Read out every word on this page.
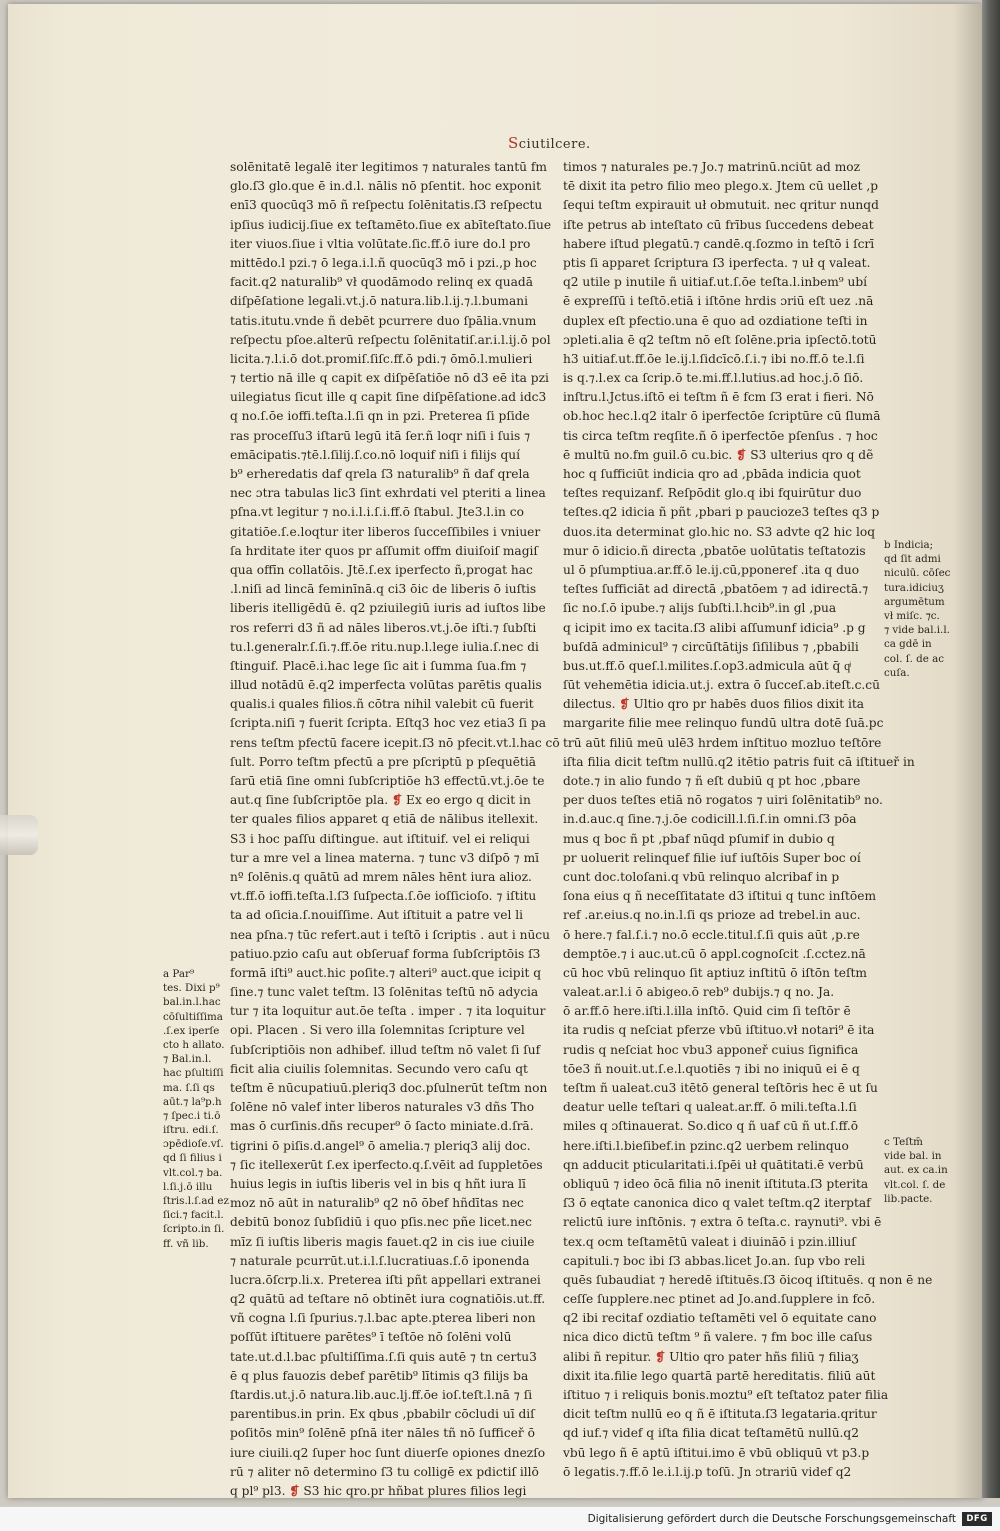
Sciutilcere.
solēnitatē legalē iter legitimos ⁊ naturales tantū fm
glo.ſ3 glo.que ē in.d.l. nālis nō pſentit. hoc exponit
enī3 quocūq3 mō ñ reſpectu ſolēnitatis.ſ3 reſpectu
ipſius iudicij.ſiue ex teſtamēto.ſiue ex abīteſtato.ſiue
iter viuos.ſiue i vltia volūtate.ſic.ff.ō iure do.l pro
mittēdo.l pzi.⁊ ō lega.i.l.ñ quocūq3 mō i pzi.,p hoc
facit.q2 naturalib⁹ vł quodāmodo relinq ex quadā
diſpēſatione legali.vt.j.ō natura.lib.l.ij.⁊.l.bumani
tatis.itutu.vnde ñ debēt pcurrere duo ſpālia.vnum
reſpectu pſoe.alterū reſpectu ſolēnitatiſ.ar.i.l.ij.ō pol
licita.⁊.l.i.ō dot.promiſ.ſiſc.ff.ō pdi.⁊ ōmō.l.mulieri
⁊ tertio nā ille q capit ex diſpēſatiōe nō d3 eē ita pzi
uilegiatus ſicut ille q capit ſine diſpēſatione.ad idc3
q no.ſ.ōe ioffi.teſta.l.ſi qn in pzi. Preterea ſi pſide
ras proceſſu3 iſtarū legū itā ſer.ñ loqr niſi i ſuis ⁊
emācipatis.⁊tē.l.ſilij.ſ.co.nō loquif niſi i filijs quí
b⁹ erheredatis daf qrela ſ3 naturalib⁹ ñ daf qrela
nec ɔtra tabulas lic3 ſint exhrdati vel pteriti a linea
pſna.vt legitur ⁊ no.i.l.i.ſ.i.ff.ō ſtabul. Jte3.l.in co
gitatiōe.ſ.e.loqtur iter liberos ſucceſſibiles i vniuer
ſa hrditate iter quos pr aſſumit offm diuiſoiſ magiſ
qua offīn collatōis. Jtē.ſ.ex iperfecto ñ,progat hac
.l.niſi ad lincā feminīnā.q ci3 ōic de liberis ō iuſtis
liberis itelligēdū ē. q2 pziuilegiū iuris ad iuſtos libe
ros referri d3 ñ ad nāles liberos.vt.j.ōe iſti.⁊ ſubſti
tu.l.generalr.ſ.ſi.⁊.ff.ōe ritu.nup.l.lege iulia.ſ.nec di
ſtinguif. Placē.i.hac lege ſic ait i ſumma ſua.fm ⁊
illud notādū ē.q2 imperfecta volūtas parētis qualis
qualis.i quales filios.ñ cōtra nihil valebit cū fuerit
ſcripta.niſi ⁊ fuerit ſcripta. Eſtq3 hoc vez etia3 ſi pa
rens teſtm pfectū facere icepit.ſ3 nō pfecit.vt.l.hac cō
ſult. Porro teſtm pfectū a pre pſcriptū p pſequētiā
ſarū etiā ſine omni ſubſcriptiōe h3 effectū.vt.j.ōe te
aut.q ſine ſubſcriptōe pla. ❡ Ex eo ergo q dicit in
ter quales filios apparet q etiā de nālibus itellexit.
S3 i hoc paſſu diſtingue. aut iſtituif. vel ei reliqui
tur a mre vel a linea materna. ⁊ tunc v3 diſpō ⁊ mī
nº ſolēnis.q quātū ad mrem nāles hēnt iura alioz.
vt.ff.ō ioffi.teſta.l.ſ3 ſuſpecta.ſ.ōe ioſſicioſo. ⁊ iſtitu
ta ad oſicia.ſ.nouiſſime. Aut iſtituit a patre vel li
nea pſna.⁊ tūc refert.aut i teſtō i ſcriptis . aut i nūcu
patiuo.pzio caſu aut obſeruaf forma ſubſcriptōis ſ3
formā iſti⁹ auct.hic poſite.⁊ alteri⁹ auct.que icipit q
ſine.⁊ tunc valet teſtm. l3 ſolēnitas teſtū nō adycia
tur ⁊ ita loquitur aut.ōe teſta . imper . ⁊ ita loquitur
opi. Placen . Si vero illa ſolemnitas ſcripture vel
ſubſcriptiōis non adhibef. illud teſtm nō valet ſi ſuf
ficit alia ciuilis ſolemnitas. Secundo vero caſu qt
teſtm ē nūcupatiuū.pleriq3 doc.pſulnerūt teſtm non
ſolēne nō valef inter liberos naturales v3 dñs Tho
mas ō curſinis.dñs recuper⁹ ō ſacto miniate.d.ſrā.
tigrini ō piſis.d.angel⁹ ō amelia.⁊ pleriq3 alij doc.
⁊ ſic itellexerūt ſ.ex iperfecto.q.ſ.vēit ad ſuppletōes
huius legis in iuſtis liberis vel in bis q hñt iura lī
moz nō aūt in naturalib⁹ q2 nō ōbef hñdītas nec
debitū bonoz ſubſidiū i quo pſis.nec pñe licet.nec
mīz ſi iuſtis liberis magis fauet.q2 in cis iue ciuile
⁊ naturale pcurrūt.ut.i.l.ſ.lucratiuas.ſ.ō iponenda
lucra.ōſcrp.li.x. Preterea iſti pñt appellari extranei
q2 quātū ad teſtare nō obtinēt iura cognatiōis.ut.ff.
vñ cogna l.ſi ſpurius.⁊.l.bac apte.pterea liberi non
poſſūt iſtituere parētes⁹ ī teſtōe nō ſolēni volū
tate.ut.d.l.bac pſultiſſima.ſ.ſi quis autē ⁊ tn certu3
ē q plus fauozis debef parētib⁹ lītimis q3 filijs ba
ſtardis.ut.j.ō natura.lib.auc.lj.ff.ōe ioſ.teſt.l.nā ⁊ ſi
parentibus.in prin. Ex qbus ,pbabilr cōcludi uī diſ
poſitōs min⁹ ſolēnē pſnā iter nāles tñ nō ſufficeř ō
iure ciuili.q2 ſuper hoc ſunt diuerſe opiones dnezſo
rū ⁊ aliter nō determino ſ3 tu colligē ex pdictiſ illō
q pl⁹ pl3. ❡ S3 hic qro.pr hñbat plures filios legi
timos ⁊ naturales pe.⁊ Jo.⁊ matrinū.nciūt ad moz
tē dixit ita petro filio meo plego.x. Jtem cū uellet ,p
ſequi teſtm expirauit uł obmutuit. nec qritur nunqd
iſte petrus ab inteſtato cū frībus ſuccedens debeat
habere iſtud plegatū.⁊ candē.q.ſozmo in teſtō i ſcrī
ptis ſi apparet ſcriptura ſ3 iperfecta. ⁊ uł q valeat.
q2 utile p inutile ñ uitiaf.ut.ſ.ōe teſta.l.inbem⁹ ubí
ē expreſſū i teſtō.etiā i iſtōne hrdis ɔriū eſt uez .nā
duplex eſt pfectio.una ē quo ad ozdiatione teſti in
ɔpleti.alia ē q2 teſtm nō eſt ſolēne.pria ipſectō.totū
h3 uitiaf.ut.ff.ōe le.ij.l.ſidcīcō.ſ.i.⁊ ibi no.ff.ō te.l.ſi
is q.⁊.l.ex ca ſcrip.ō te.mi.ff.l.lutius.ad hoc.j.ō ſiō.
inſtru.l.Jctus.iſtō ei teſtm ñ ē fcm ſ3 erat i fieri. Nō
ob.hoc hec.l.q2 italr ō iperfectōe ſcriptūre cū ſlumā
tis circa teſtm reqſite.ñ ō iperfectōe pſenſus . ⁊ hoc
ē multū no.fm guil.ō cu.bic. ❡ S3 ulterius qro q dẽ
hoc q ſufficiūt indicia qro ad ,pbāda indicia quot
teſtes requizanf. Reſpōdit glo.q ibi fquirūtur duo
teſtes.q2 idicia ñ pñt ,pbari p paucioze3 teſtes q3 p
duos.ita determinat glo.hic no. S3 advte q2 hic loq
mur ō idicio.ñ directa ,pbatōe uolūtatis teſtatozis
ul ō pſumptiua.ar.ff.ō le.ij.cū,pponeref .ita q duo
teſtes ſufficiāt ad directā ,pbatōem ⁊ ad idirectā.⁊
ſic no.ſ.ō ipube.⁊ alijs ſubſti.l.hcib⁹.in gl ,pua
q icipit imo ex tacita.ſ3 alibi aſſumunf idicia⁹ .p g
buſdā adminicul⁹ ⁊ circūſtātijs ſiſilibus ⁊ ,pbabili
bus.ut.ff.ō queſ.l.milites.ſ.op3.admicula aūt q̄ qͥ
ſūt vehemētia idicia.ut.j. extra ō ſucceſ.ab.iteſt.c.cū
dilectus. ❡ Ultio qro pr habēs duos filios dixit ita
margarite filie mee relinquo fundū ultra dotē ſuā.pc
trū aūt filiū meū ulē3 hrdem inſtituo mozluo teſtōre
iſta filia dicit teſtm nullū.q2 itētio patris fuit cā iſtitueř in
dote.⁊ in alio fundo ⁊ ñ eſt dubiū q pt hoc ,pbare
per duos teſtes etiā nō rogatos ⁊ uiri ſolēnitatib⁹ no.
in.d.auc.q ſine.⁊.j.ōe codicill.l.ſi.ſ.in omni.ſ3 pōa
mus q boc ñ pt ,pbaf nūqd pſumif in dubio q
pr uoluerit relinquef filie iuf iuſtōis Super boc oí
cunt doc.toloſani.q vbū relinquo alcribaf in p
ſona eius q ñ neceſſitatate d3 iſtitui q tunc inſtōem
ref .ar.eius.q no.in.l.ſi qs prioze ad trebel.in auc.
ō here.⁊ fal.ſ.i.⁊ no.ō eccle.titul.ſ.ſi quis aūt ,p.re
demptōe.⁊ i auc.ut.cū ō appl.cognoſcit .ſ.cctez.nā
cū hoc vbū relinquo ſit aptiuz inſtitū ō iſtōn teſtm
valeat.ar.l.i ō abigeo.ō reb⁹ dubijs.⁊ q no. Ja.
ō ar.ff.ō here.iſti.l.illa inſtō. Quid cim ſi teſtōr ē
ita rudis q neſciat pferze vbū iſtituo.vł notari⁹ ē ita
rudis q neſciat hoc vbu3 apponeř cuius ſignifica
tōe3 ñ nouit.ut.ſ.e.l.quotiēs ⁊ ibi no iniquū ei ē q
teſtm ñ ualeat.cu3 itētō general teſtōris hec ē ut ſu
deatur uelle teſtari q ualeat.ar.ff. ō mili.teſta.l.ſi
miles q ɔſtinauerat. So.dico q ñ uaf cū ñ ut.ſ.ff.ō
here.iſti.l.bieſibef.in pzinc.q2 uerbem relinquo
qn adducit pticularitati.i.ſpēi uł quātitati.ē verbū
obliquū ⁊ ideo ōcā filia nō inenit iſtituta.ſ3 pterita
ſ3 ō eqtate canonica dico q valet teſtm.q2 iterptaf
relictū iure inſtōnis. ⁊ extra ō teſta.c. raynuti⁹. vbi ē
tex.q ocm teſtamētū valeat i diuināō i pzin.illiuſ
capituli.⁊ boc ibi ſ3 abbas.licet Jo.an. ſup vbo reli
quēs ſubaudiat ⁊ heredē iſtituēs.ſ3 ōicoq iſtituēs. q non ē ne
ceſſe ſupplere.nec ptinet ad Jo.and.ſupplere in fcō.
q2 ibi recitaf ozdiatio teſtamēti vel ō equitate cano
nica dico dictū teſtm ⁹ ñ valere. ⁊ fm boc ille caſus
alibi ñ repitur. ❡ Ultio qro pater hñs filiū ⁊ filiaʒ
dixit ita.filie lego quartā partē hereditatis. filiū aūt
iſtituo ⁊ i reliquis bonis.moztu⁹ eſt teſtatoz pater filia
dicit teſtm nullū eo q ñ ē iſtituta.ſ3 legataria.qritur
qd iuf.⁊ videf q iſta filia dicat teſtamētū nullū.q2
vbū lego ñ ē aptū iſtitui.imo ē vbū obliquū vt p3.p
ō legatis.⁊.ff.ō le.i.l.ij.p toſū. Jn ɔtrariū videf q2
a Par⁹
tes. Dixi p⁹
bal.in.l.hac
cōſultiſſima
.ſ.ex iperſe
cto h allato.
⁊ Bal.in.l.
hac pſultiſſi
ma. ſ.ſi qs
aūt.⁊ la⁹p.h
⁊ ſpec.i ti.ō
iſtru. edi.ſ.
ɔpēdioſe.vſ.
qd ſi filius i
vlt.col.⁊ ba.
l.ſi.j.ō illu
ſtris.l.ſ.ad ez
ſici.⁊ facit.l.
ſcripto.in ſi.
ff. vñ lib.
b Indicia;
qd ſit admi
niculū. cōſec
tura.idiciuʒ
argumētum
vł miſc. ⁊c.
⁊ vide bal.i.l.
ca gdē in
col. ſ. de ac
cuſa.
c Teſtm̄
vide bal. in
aut. ex ca.in
vlt.col. ſ. de
lib.pacte.
Digitalisierung gefördert durch die Deutsche Forschungsgemeinschaft	DFG
